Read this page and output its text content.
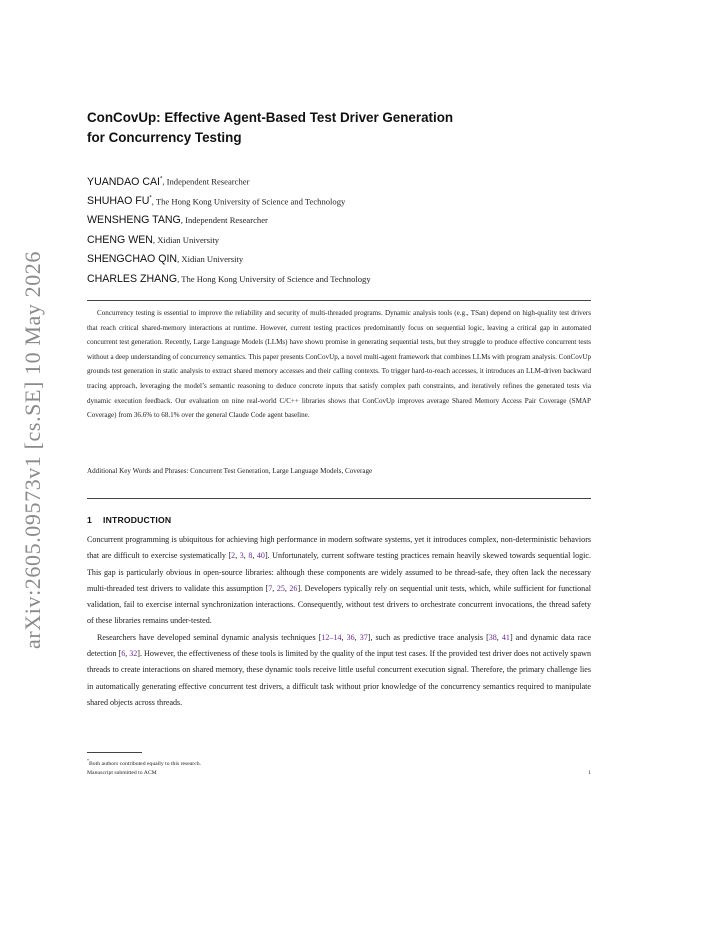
arXiv:2605.09573v1 [cs.SE] 10 May 2026
ConCovUp: Effective Agent-Based Test Driver Generation
for Concurrency Testing
YUANDAO CAI*, Independent Researcher
SHUHAO FU*, The Hong Kong University of Science and Technology
WENSHENG TANG, Independent Researcher
CHENG WEN, Xidian University
SHENGCHAO QIN, Xidian University
CHARLES ZHANG, The Hong Kong University of Science and Technology

Concurrency testing is essential to improve the reliability and security of multi-threaded programs. Dynamic analysis tools (e.g., TSan) depend on high-quality test drivers that reach critical shared-memory interactions at runtime. However, current testing practices predominantly focus on sequential logic, leaving a critical gap in automated concurrent test generation. Recently, Large Language Models (LLMs) have shown promise in generating sequential tests, but they struggle to produce effective concurrent tests without a deep understanding of concurrency semantics. This paper presents ConCovUp, a novel multi-agent framework that combines LLMs with program analysis. ConCovUp grounds test generation in static analysis to extract shared memory accesses and their calling contexts. To trigger hard-to-reach accesses, it introduces an LLM-driven backward tracing approach, leveraging the model’s semantic reasoning to deduce concrete inputs that satisfy complex path constraints, and iteratively refines the generated tests via dynamic execution feedback. Our evaluation on nine real-world C/C++ libraries shows that ConCovUp improves average Shared Memory Access Pair Coverage (SMAP Coverage) from 36.6% to 68.1% over the general Claude Code agent baseline.

Additional Key Words and Phrases: Concurrent Test Generation, Large Language Models, Coverage
1 INTRODUCTION

Concurrent programming is ubiquitous for achieving high performance in modern software systems, yet it introduces complex, non-deterministic behaviors that are difficult to exercise systematically [2, 3, 8, 40]. Unfortunately, current software testing practices remain heavily skewed towards sequential logic. This gap is particularly obvious in open-source libraries: although these components are widely assumed to be thread-safe, they often lack the necessary multi-threaded test drivers to validate this assumption [7, 25, 26]. Developers typically rely on sequential unit tests, which, while sufficient for functional validation, fail to exercise internal synchronization interactions. Consequently, without test drivers to orchestrate concurrent invocations, the thread safety of these libraries remains under-tested.

Researchers have developed seminal dynamic analysis techniques [12–14, 36, 37], such as predictive trace analysis [38, 41] and dynamic data race detection [6, 32]. However, the effectiveness of these tools is limited by the quality of the input test cases. If the provided test driver does not actively spawn threads to create interactions on shared memory, these dynamic tools receive little useful concurrent execution signal. Therefore, the primary challenge lies in automatically generating effective concurrent test drivers, a difficult task without prior knowledge of the concurrency semantics required to manipulate shared objects across threads.

*Both authors contributed equally to this research.
Manuscript submitted to ACM	1
